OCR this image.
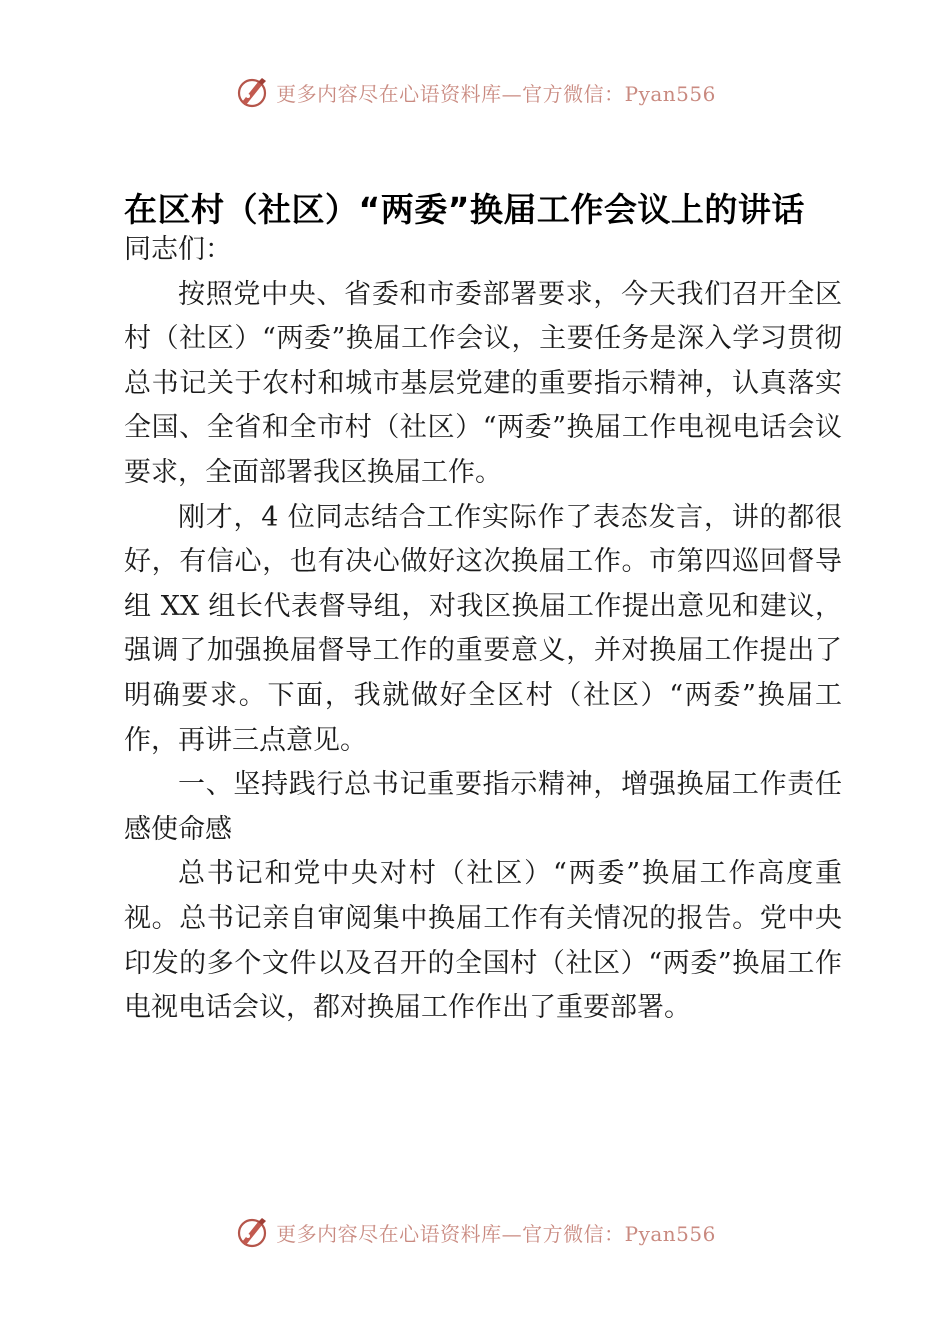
更多内容尽在心语资料库—官方微信：Pyan556
在区村（社区）“两委”换届工作会议上的讲话

同志们：

按照党中央、省委和市委部署要求，今天我们召开全区村（社区）“两委”换届工作会议，主要任务是深入学习贯彻总书记关于农村和城市基层党建的重要指示精神，认真落实全国、全省和全市村（社区）“两委”换届工作电视电话会议要求，全面部署我区换届工作。

刚才，4 位同志结合工作实际作了表态发言，讲的都很好，有信心，也有决心做好这次换届工作。市第四巡回督导组 XX 组长代表督导组，对我区换届工作提出意见和建议，强调了加强换届督导工作的重要意义，并对换届工作提出了明确要求。下面，我就做好全区村（社区）“两委”换届工作，再讲三点意见。

一、坚持践行总书记重要指示精神，增强换届工作责任感使命感

总书记和党中央对村（社区）“两委”换届工作高度重视。总书记亲自审阅集中换届工作有关情况的报告。党中央印发的多个文件以及召开的全国村（社区）“两委”换届工作电视电话会议，都对换届工作作出了重要部署。

更多内容尽在心语资料库—官方微信：Pyan556
